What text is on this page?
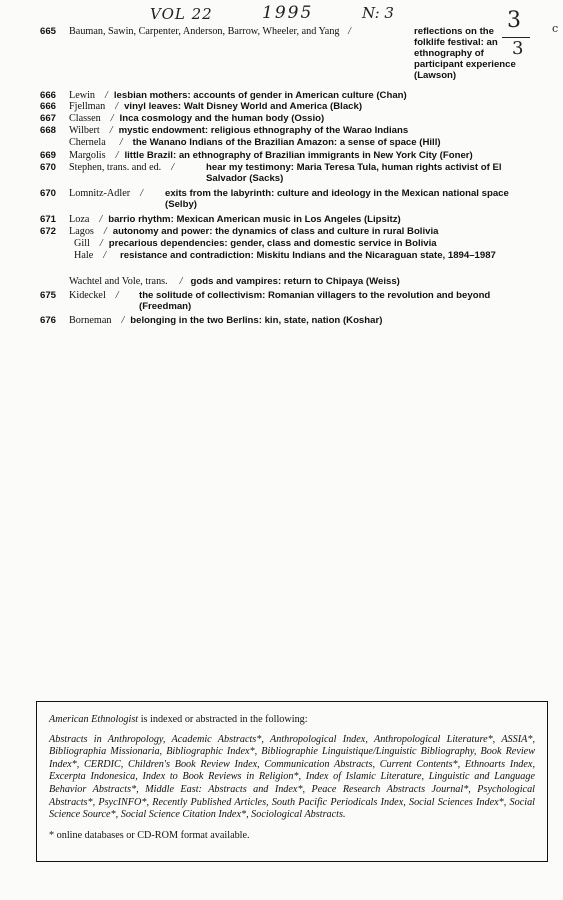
VOL 22	1995	N: 3	3
3
c
665 Bauman, Sawin, Carpenter, Anderson, Barrow, Wheeler, and Yang /	reflections on the folklife festival: an ethnography of participant experience (Lawson)
666 Lewin / lesbian mothers: accounts of gender in American culture (Chan)
666 Fjellman / vinyl leaves: Walt Disney World and America (Black)
667 Classen / Inca cosmology and the human body (Ossio)
668 Wilbert / mystic endowment: religious ethnography of the Warao Indians
Chernela / the Wanano Indians of the Brazilian Amazon: a sense of space (Hill)
669 Margolis / little Brazil: an ethnography of Brazilian immigrants in New York City (Foner)
670 Stephen, trans. and ed. /	hear my testimony: Maria Teresa Tula, human rights activist of El Salvador (Sacks)
670 Lomnitz-Adler / exits from the labyrinth: culture and ideology in the Mexican national space (Selby)
671 Loza / barrio rhythm: Mexican American music in Los Angeles (Lipsitz)
672 Lagos / autonomy and power: the dynamics of class and culture in rural Bolivia
Gill / precarious dependencies: gender, class and domestic service in Bolivia
Hale / resistance and contradiction: Miskitu Indians and the Nicaraguan state, 1894–1987
Wachtel and Vole, trans. / gods and vampires: return to Chipaya (Weiss)
675 Kideckel / the solitude of collectivism: Romanian villagers to the revolution and beyond (Freedman)
676 Borneman / belonging in the two Berlins: kin, state, nation (Koshar)

American Ethnologist is indexed or abstracted in the following:

Abstracts in Anthropology, Academic Abstracts*, Anthropological Index, Anthropological Literature*, ASSIA*, Bibliographia Missionaria, Bibliographic Index*, Bibliographie Linguistique/Linguistic Bibliography, Book Review Index*, CERDIC, Children's Book Review Index, Communication Abstracts, Current Contents*, Ethnoarts Index, Excerpta Indonesica, Index to Book Reviews in Religion*, Index of Islamic Literature, Linguistic and Language Behavior Abstracts*, Middle East: Abstracts and Index*, Peace Research Abstracts Journal*, Psychological Abstracts*, PsycINFO*, Recently Published Articles, South Pacific Periodicals Index, Social Sciences Index*, Social Science Source*, Social Science Citation Index*, Sociological Abstracts.

* online databases or CD-ROM format available.
